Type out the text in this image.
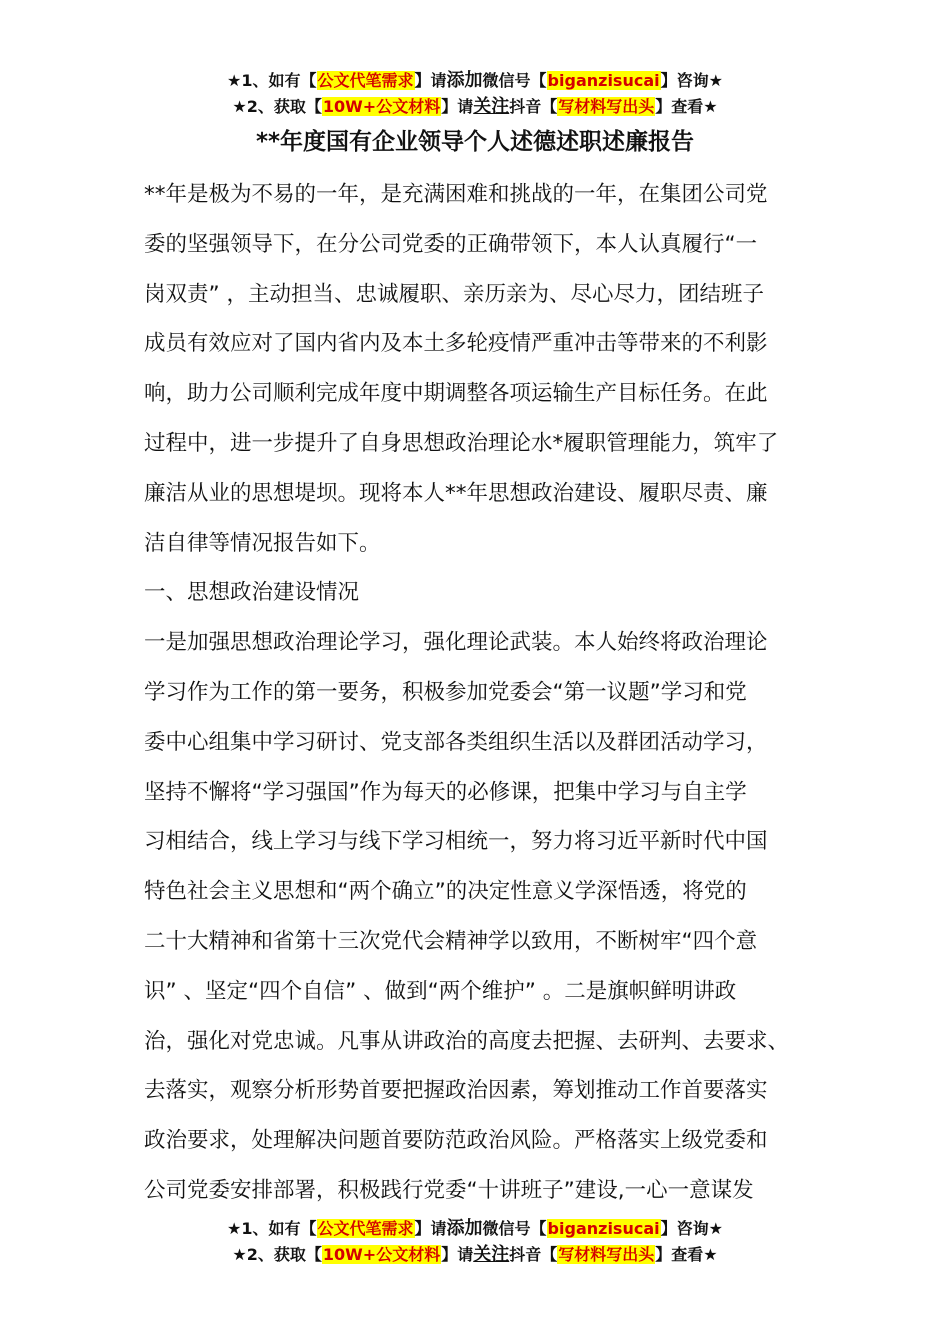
★1、如有【公文代笔需求】请添加微信号【biganzisucai】咨询★
★2、获取【10W+公文材料】请关注抖音【写材料写出头】查看★
**年度国有企业领导个人述德述职述廉报告
**年是极为不易的一年，是充满困难和挑战的一年，在集团公司党
委的坚强领导下，在分公司党委的正确带领下，本人认真履行“一
岗双责” ，主动担当、忠诚履职、亲历亲为、尽心尽力，团结班子
成员有效应对了国内省内及本土多轮疫情严重冲击等带来的不利影
响，助力公司顺利完成年度中期调整各项运输生产目标任务。在此
过程中，进一步提升了自身思想政治理论水*履职管理能力，筑牢了
廉洁从业的思想堤坝。现将本人**年思想政治建设、履职尽责、廉
洁自律等情况报告如下。
一、思想政治建设情况
一是加强思想政治理论学习，强化理论武装。本人始终将政治理论
学习作为工作的第一要务，积极参加党委会“第一议题”学习和党
委中心组集中学习研讨、党支部各类组织生活以及群团活动学习，
坚持不懈将“学习强国”作为每天的必修课，把集中学习与自主学
习相结合，线上学习与线下学习相统一，努力将习近平新时代中国
特色社会主义思想和“两个确立”的决定性意义学深悟透，将党的
二十大精神和省第十三次党代会精神学以致用，不断树牢“四个意
识” 、坚定“四个自信” 、做到“两个维护” 。二是旗帜鲜明讲政
治，强化对党忠诚。凡事从讲政治的高度去把握、去研判、去要求、
去落实，观察分析形势首要把握政治因素，筹划推动工作首要落实
政治要求，处理解决问题首要防范政治风险。严格落实上级党委和
公司党委安排部署，积极践行党委“十讲班子”建设,一心一意谋发
★1、如有【公文代笔需求】请添加微信号【biganzisucai】咨询★
★2、获取【10W+公文材料】请关注抖音【写材料写出头】查看★
